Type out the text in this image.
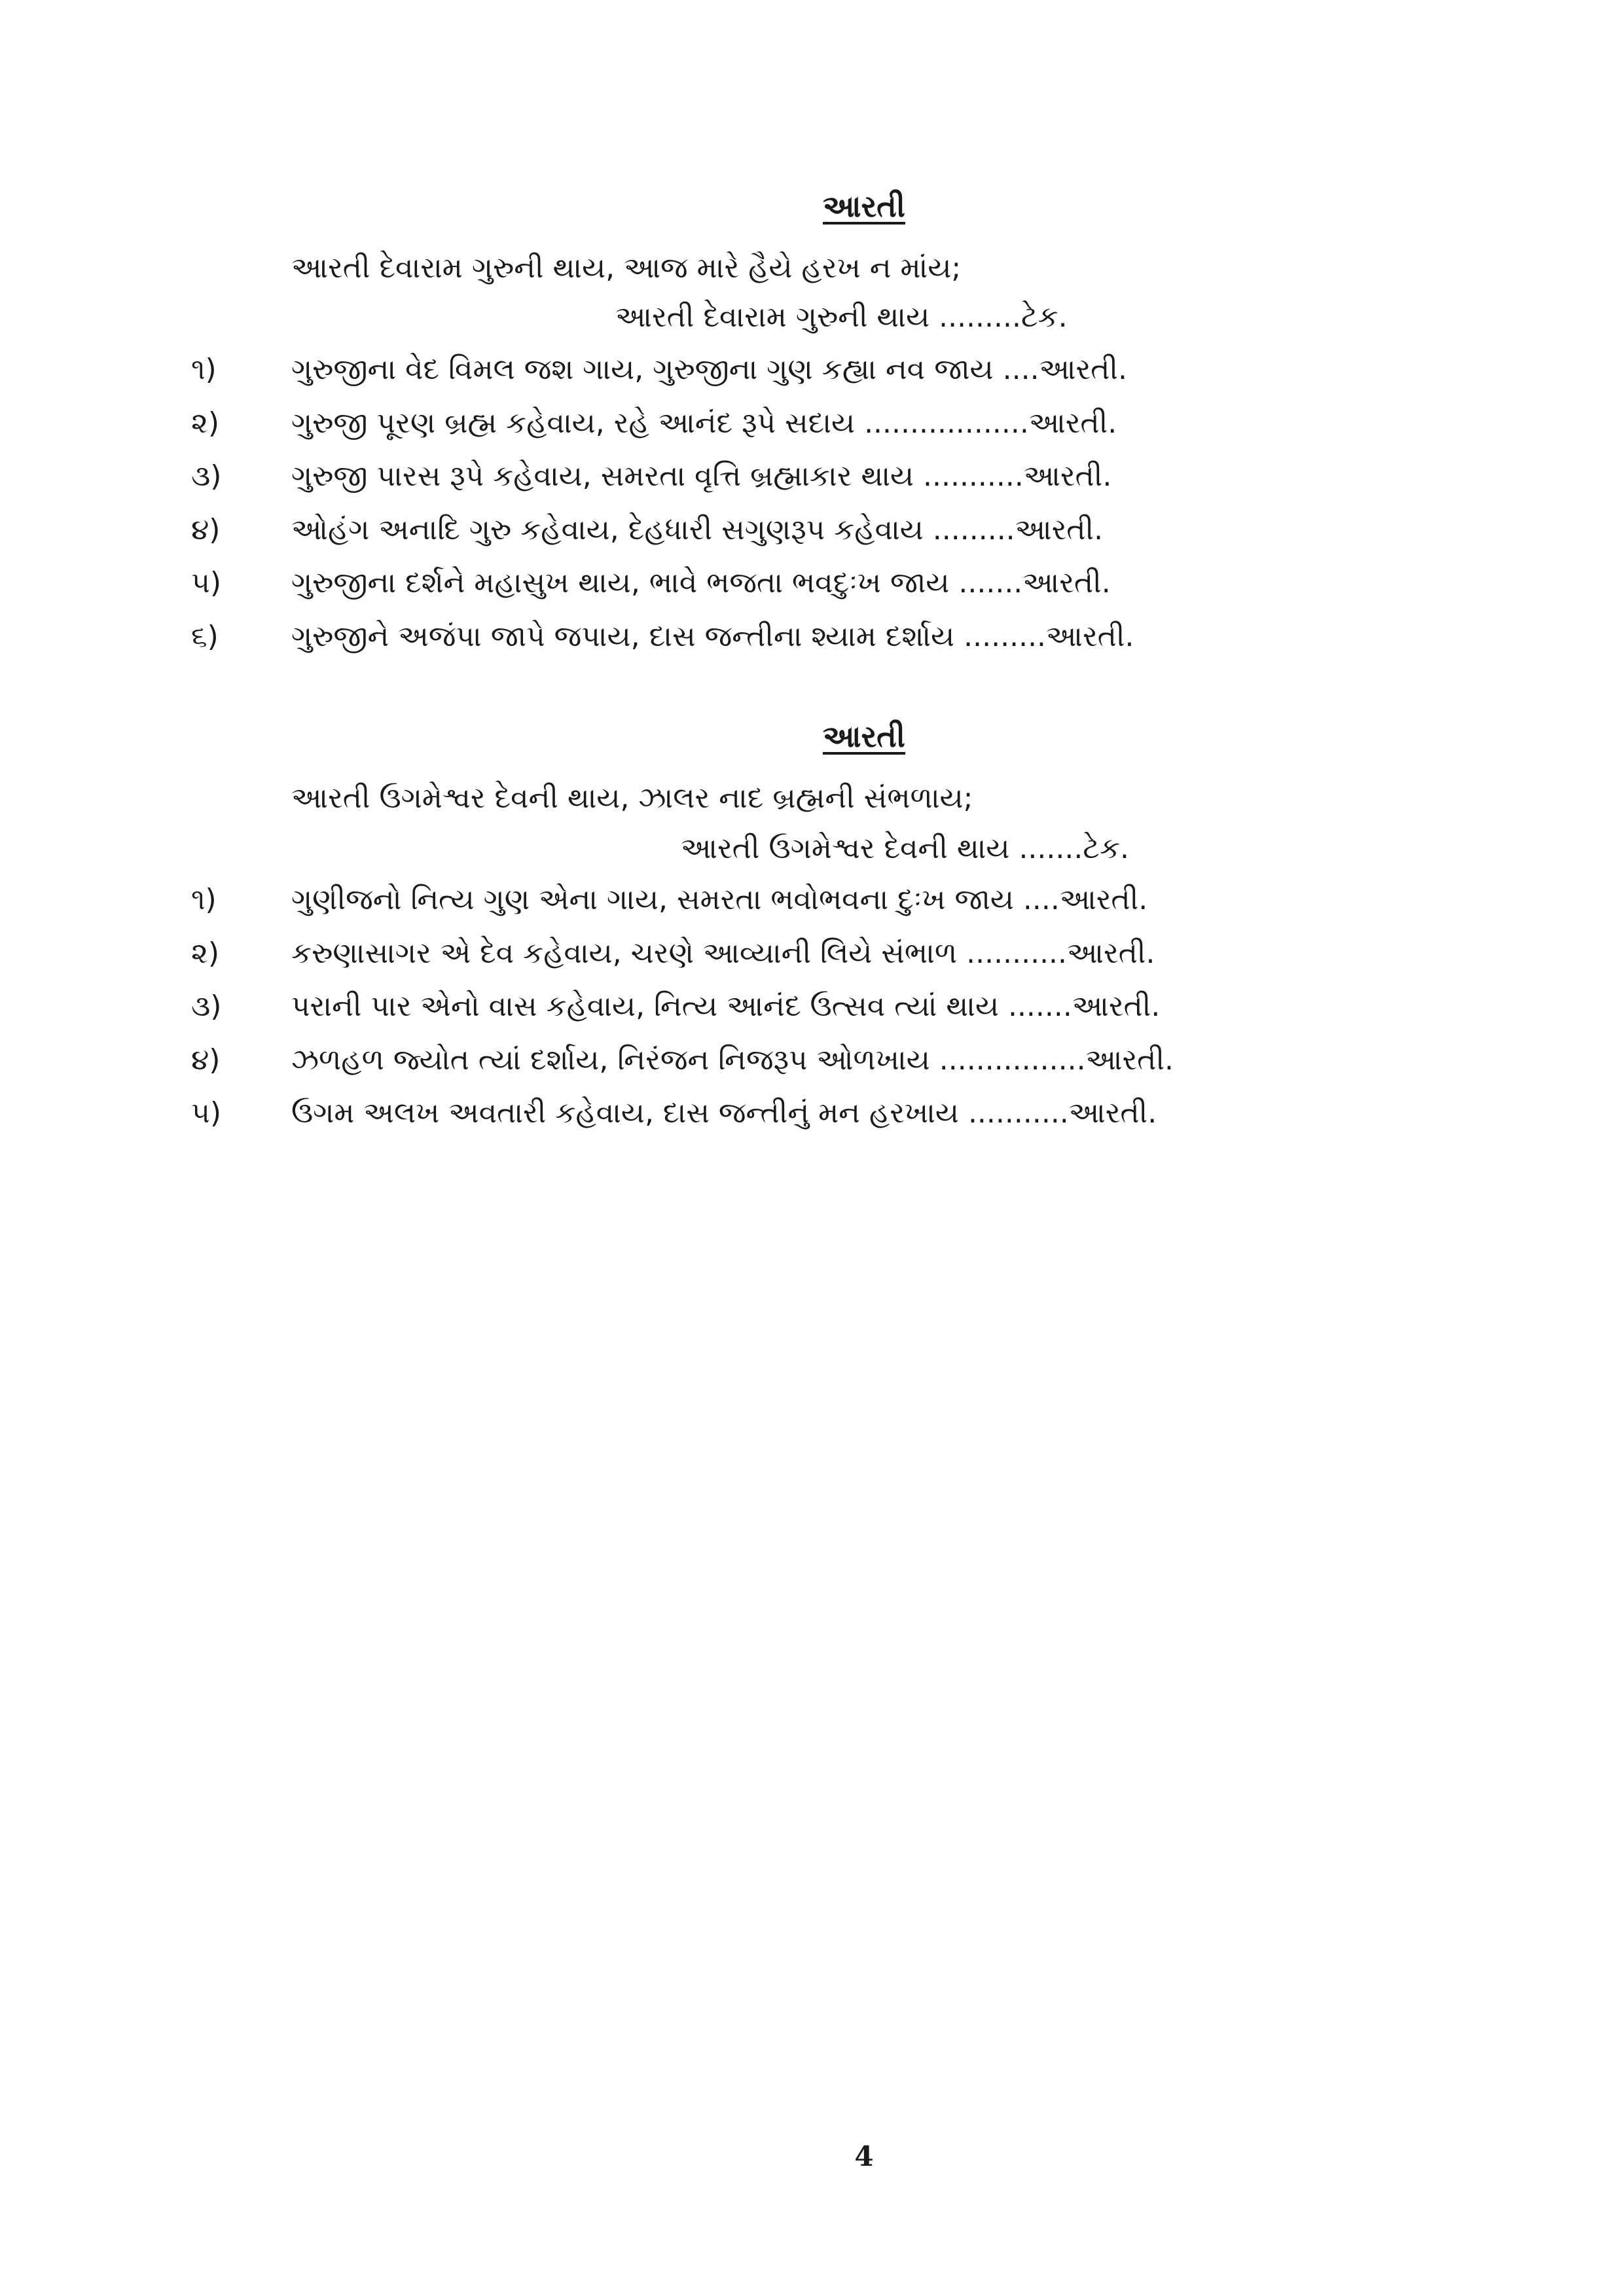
આરતી
આરતી દેવારામ ગુરુની થાય, આજ મારે હૈયે હરખ ન માંય;
આરતી દેવારામ ગુરુની થાય .........ટેક.
૧)	ગુરુજીના વેદ વિમલ જશ ગાય, ગુરુજીના ગુણ કહ્યા નવ જાય ....આરતી.
૨)	ગુરુજી પૂરણ બ્રહ્મ કહેવાય, રહે આનંદ રૂપે સદાય ..................આરતી.
૩) ગુરુજી પારસ રૂપે કહેવાય, સમરતા વૃત્તિ બ્રહ્માકાર થાય ...........આરતી.
૪) ઓહંગ અનાદિ ગુરુ કહેવાય, દેહધારી સગુણરૂપ કહેવાય .........આરતી.
૫) ગુરુજીના દર્શને મહાસુખ થાય, ભાવે ભજતા ભવદુઃખ જાય .......આરતી.
૬)	ગુરુજીને અજંપા જાપે જપાય, દાસ જન્તીના શ્યામ દર્શાય .........આરતી.
આરતી
આરતી ઉગમેશ્વર દેવની થાય, ઝાલર નાદ બ્રહ્મની સંભળાય;
આરતી ઉગમેશ્વર દેવની થાય .......ટેક.
૧)	ગુણીજનો નિત્ય ગુણ એના ગાય, સમરતા ભવોભવના દુઃખ જાય ....આરતી.
૨)	કરુણાસાગર એ દેવ કહેવાય, ચરણે આવ્યાની લિયે સંભાળ ...........આરતી.
૩) પરાની પાર એનો વાસ કહેવાય, નિત્ય આનંદ ઉત્સવ ત્યાં થાય .......આરતી.
૪) ઝળહળ જ્યોત ત્યાં દર્શાય, નિરંજન નિજરૂપ ઓળખાય ................આરતી.
૫) ઉગમ અલખ અવતારી કહેવાય, દાસ જન્તીનું મન હરખાય ...........આરતી.
4
